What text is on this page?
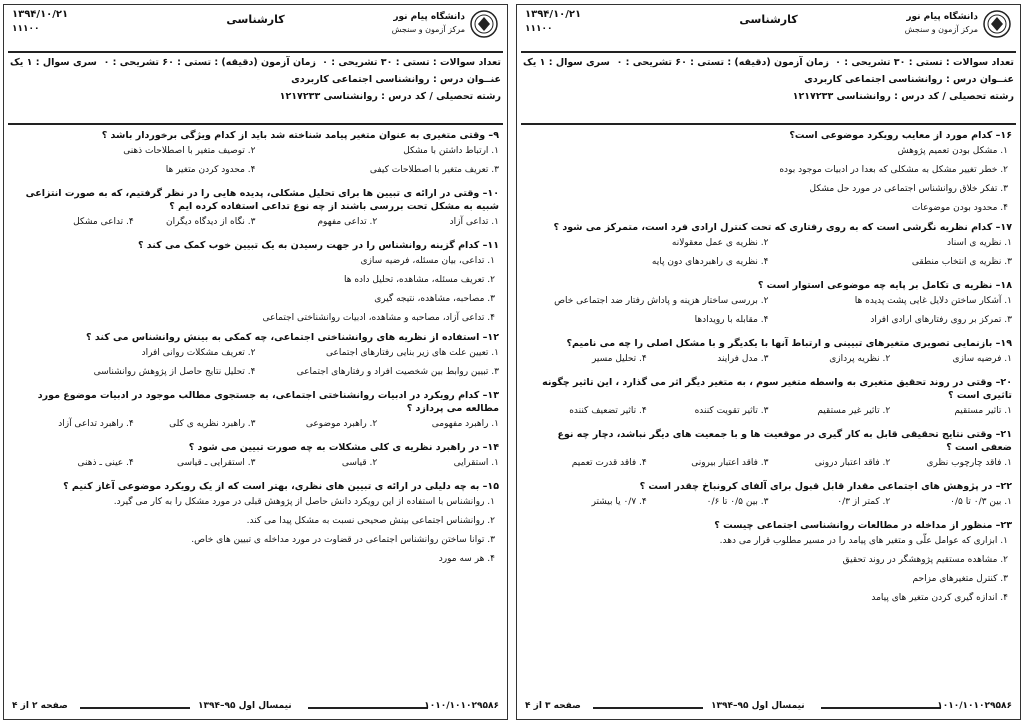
۱۳۹۴/۱۰/۲۱
۱۱۱۰۰
کارشناسی	دانشگاه پیام نور
مرکز آزمون و سنجش
تعداد سوالات : تستی : ۳۰ تشریحی : ۰
زمان آزمون (دقیقه) : تستی : ۶۰ تشریحی : ۰
سری سوال : ۱ یک
عنــوان درس : روانشناسی اجتماعی کاربردی
رشته تحصیلی / کد درس : روانشناسی ۱۲۱۷۲۳۳
۹– وقتی متغیری به عنوان متغیر پیامد شناخته شد باید از کدام ویژگی برخوردار باشد ؟
۱. ارتباط داشتن با مشکل
۲. توصیف متغیر با اصطلاحات ذهنی
۳. تعریف متغیر با اصطلاحات کیفی
۴. محدود کردن متغیر ها
۱۰– وقتی در ارائه ی تبیین ها برای تحلیل مشکلی، پدیده هایی را در نظر گرفتیم، که به صورت انتزاعی شبیه به مشکل تحت بررسی باشند از چه نوع تداعی استفاده کرده ایم ؟
۱. تداعی آزاد
۲. تداعی مفهوم
۳. نگاه از دیدگاه دیگران
۴. تداعی مشکل
۱۱– کدام گزینه روانشناس را در جهت رسیدن به یک تبیین خوب کمک می کند ؟
۱. تداعی، بیان مسئله، فرضیه سازی
۲. تعریف مسئله، مشاهده، تحلیل داده ها
۳. مصاحبه، مشاهده، نتیجه گیری
۴. تداعی آزاد، مصاحبه و مشاهده، ادبیات روانشناختی اجتماعی
۱۲– استفاده از نظریه های روانشناختی اجتماعی، چه کمکی به بینش روانشناس می کند ؟
۱. تعیین علت های زیر بنایی رفتارهای اجتماعی
۲. تعریف مشکلات روانی افراد
۳. تبیین روابط بین شخصیت افراد و رفتارهای اجتماعی
۴. تحلیل نتایج حاصل از پژوهش روانشناسی
۱۳– کدام رویکرد در ادبیات روانشناختی اجتماعی، به جستجوی مطالب موجود در ادبیات موضوع مورد مطالعه می پردازد ؟
۱. راهبرد مفهومی
۲. راهبرد موضوعی
۳. راهبرد نظریه ی کلی
۴. راهبرد تداعی آزاد
۱۴– در راهبرد نظریه ی کلی مشکلات به چه صورت تبیین می شود ؟
۱. استقرایی
۲. قیاسی
۳. استقرایی ـ قیاسی
۴. عینی ـ ذهنی
۱۵– به چه دلیلی در ارائه ی تبیین های نظری، بهتر است که از یک رویکرد موضوعی آغاز کنیم ؟
۱. روانشناس با استفاده از این رویکرد دانش حاصل از پژوهش قبلی در مورد مشکل را به کار می گیرد.
۲. روانشناس اجتماعی بینش صحیحی نسبت به مشکل پیدا می کند.
۳. توانا ساختن روانشناس اجتماعی در قضاوت در مورد مداخله ی تبیین های خاص.
۴. هر سه مورد
صفحه ۲ از ۴	نیمسال اول ۹۵–۱۳۹۴	۱۰۱۰/۱۰۱۰۲۹۵۸۶
۱۳۹۴/۱۰/۲۱
۱۱۱۰۰
کارشناسی	دانشگاه پیام نور
مرکز آزمون و سنجش
تعداد سوالات : تستی : ۳۰ تشریحی : ۰
زمان آزمون (دقیقه) : تستی : ۶۰ تشریحی : ۰
سری سوال : ۱ یک
عنــوان درس : روانشناسی اجتماعی کاربردی
رشته تحصیلی / کد درس : روانشناسی ۱۲۱۷۲۳۳
۱۶– کدام مورد از معایب رویکرد موضوعی است؟
۱. مشکل بودن تعمیم پژوهش
۲. خطر تغییر مشکل به مشکلی که بعدا در ادبیات موجود بوده
۳. تفکر خلاق روانشناس اجتماعی در مورد حل مشکل
۴. محدود بودن موضوعات
۱۷– کدام نظریه نگرشی است که به روی رفتاری که تحت کنترل ارادی فرد است، متمرکز می شود ؟
۱. نظریه ی اسناد
۲. نظریه ی عمل معقولانه
۳. نظریه ی انتخاب منطقی
۴. نظریه ی راهبردهای دون پایه
۱۸– نظریه ی تکامل بر پایه چه موضوعی استوار است ؟
۱. آشکار ساختن دلایل غایی پشت پدیده ها
۲. بررسی ساختار هزینه و پاداش رفتار ضد اجتماعی خاص
۳. تمرکز بر روی رفتارهای ارادی افراد
۴. مقابله با رویدادها
۱۹– بازنمایی تصویری متغیرهای تبیینی و ارتباط آنها با یکدیگر و با مشکل اصلی را چه می نامیم؟
۱. فرضیه سازی
۲. نظریه پردازی
۳. مدل فرایند
۴. تحلیل مسیر
۲۰– وقتی در روند تحقیق متغیری به واسطه متغیر سوم ، به متغیر دیگر اثر می گذارد ، این تاثیر چگونه تاثیری است ؟
۱. تاثیر مستقیم
۲. تاثیر غیر مستقیم
۳. تاثیر تقویت کننده
۴. تاثیر تضعیف کننده
۲۱– وقتی نتایج تحقیقی قابل به کار گیری در موقعیت ها و با جمعیت های دیگر نباشد، دچار چه نوع ضعفی است ؟
۱. فاقد چارچوب نظری
۲. فاقد اعتبار درونی
۳. فاقد اعتبار بیرونی
۴. فاقد قدرت تعمیم
۲۲– در پژوهش های اجتماعی مقدار قابل قبول برای آلفای کرونباخ چقدر است ؟
۱. بین ۰/۳ تا ۰/۵
۲. کمتر از ۰/۳
۳. بین ۰/۵ تا ۰/۶
۴. ۰/۷ یا بیشتر
۲۳– منظور از مداخله در مطالعات روانشناسی اجتماعی چیست ؟
۱. ابزاری که عوامل علّی و متغیر های پیامد را در مسیر مطلوب قرار می دهد.
۲. مشاهده مستقیم پژوهشگر در روند تحقیق
۳. کنترل متغیرهای مزاحم
۴. اندازه گیری کردن متغیر های پیامد
صفحه ۳ از ۴	نیمسال اول ۹۵–۱۳۹۴	۱۰۱۰/۱۰۱۰۲۹۵۸۶
